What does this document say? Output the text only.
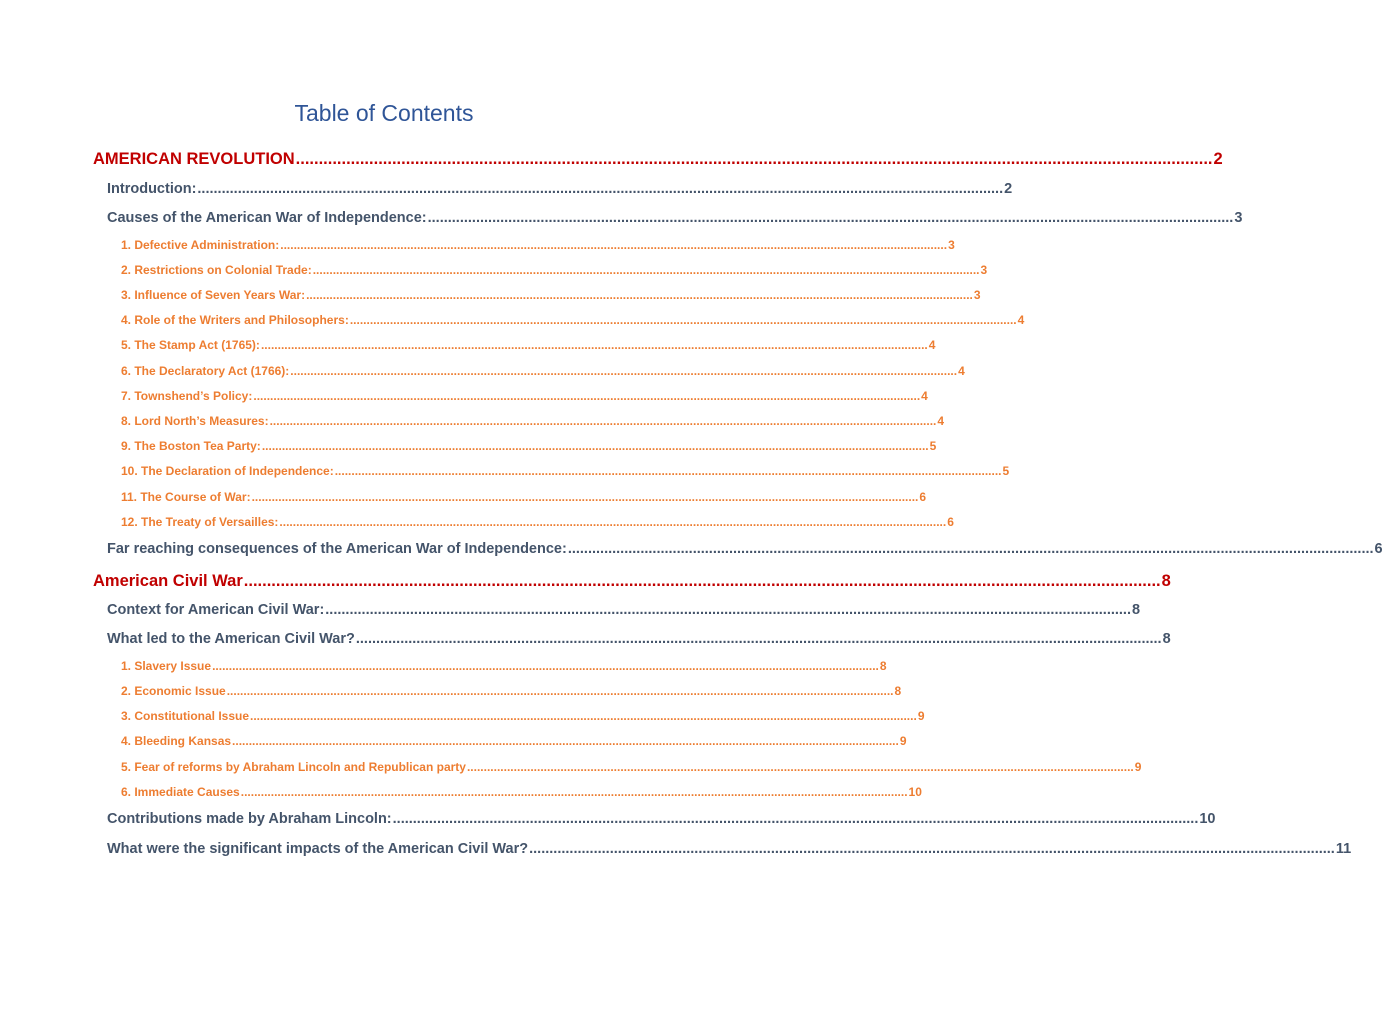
Table of Contents
AMERICAN REVOLUTION ........................................................................................................................................................................................................ 2
Introduction: ........................................................................................................................................................................................................ 2
Causes of the American War of Independence: ........................................................................................................................................................................................................ 3
1. Defective Administration: ........................................................................................................................................................................................................ 3
2. Restrictions on Colonial Trade: ........................................................................................................................................................................................................ 3
3. Influence of Seven Years War: ........................................................................................................................................................................................................ 3
4. Role of the Writers and Philosophers: ........................................................................................................................................................................................................ 4
5. The Stamp Act (1765): ........................................................................................................................................................................................................ 4
6. The Declaratory Act (1766): ........................................................................................................................................................................................................ 4
7. Townshend’s Policy: ........................................................................................................................................................................................................ 4
8. Lord North’s Measures: ........................................................................................................................................................................................................ 4
9. The Boston Tea Party: ........................................................................................................................................................................................................ 5
10. The Declaration of Independence: ........................................................................................................................................................................................................ 5
11. The Course of War: ........................................................................................................................................................................................................ 6
12. The Treaty of Versailles: ........................................................................................................................................................................................................ 6
Far reaching consequences of the American War of Independence: ........................................................................................................................................................................................................ 6
American Civil War ........................................................................................................................................................................................................ 8
Context for American Civil War: ........................................................................................................................................................................................................ 8
What led to the American Civil War? ........................................................................................................................................................................................................ 8
1. Slavery Issue ........................................................................................................................................................................................................ 8
2. Economic Issue ........................................................................................................................................................................................................ 8
3. Constitutional Issue ........................................................................................................................................................................................................ 9
4. Bleeding Kansas ........................................................................................................................................................................................................ 9
5. Fear of reforms by Abraham Lincoln and Republican party ........................................................................................................................................................................................................ 9
6. Immediate Causes ........................................................................................................................................................................................................ 10
Contributions made by Abraham Lincoln: ........................................................................................................................................................................................................ 10
What were the significant impacts of the American Civil War? ........................................................................................................................................................................................................ 11
